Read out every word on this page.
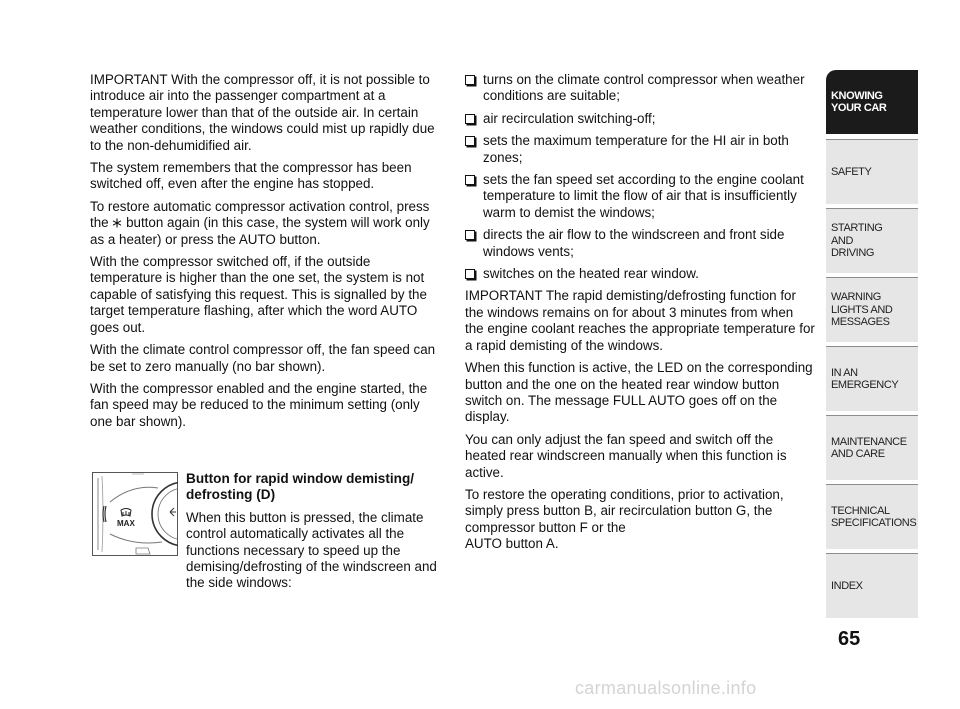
IMPORTANT With the compressor off, it is not possible to introduce air into the passenger compartment at a temperature lower than that of the outside air. In certain weather conditions, the windows could mist up rapidly due to the non-dehumidified air.

The system remembers that the compressor has been switched off, even after the engine has stopped.

To restore automatic compressor activation control, press the  button again (in this case, the system will work only as a heater) or press the AUTO button.

With the compressor switched off, if the outside temperature is higher than the one set, the system is not capable of satisfying this request. This is signalled by the target temperature flashing, after which the word AUTO goes out.

With the climate control compressor off, the fan speed can be set to zero manually (no bar shown).

With the compressor enabled and the engine started, the fan speed may be reduced to the minimum setting (only one bar shown).

MAX
Button for rapid window demisting/ defrosting (D)

When this button is pressed, the climate control automatically activates all the functions necessary to speed up the demising/defrosting of the windscreen and the side windows:

turns on the climate control compressor when weather conditions are suitable;
air recirculation switching-off;
sets the maximum temperature for the HI air in both zones;
sets the fan speed set according to the engine coolant temperature to limit the flow of air that is insufficiently warm to demist the windows;
directs the air flow to the windscreen and front side windows vents;
switches on the heated rear window.

IMPORTANT The rapid demisting/defrosting function for the windows remains on for about 3 minutes from when the engine coolant reaches the appropriate temperature for a rapid demisting of the windows.

When this function is active, the LED on the corresponding button and the one on the heated rear window button switch on. The message FULL AUTO goes off on the display.

You can only adjust the fan speed and switch off the heated rear windscreen manually when this function is active.

To restore the operating conditions, prior to activation, simply press button B, air recirculation button G, the compressor button F or the
AUTO button A.

KNOWING
YOUR CAR
SAFETY
STARTING
AND
DRIVING
WARNING
LIGHTS AND
MESSAGES
IN AN
EMERGENCY
MAINTENANCE
AND CARE
TECHNICAL
SPECIFICATIONS
INDEX
65
carmanualsonline.info
